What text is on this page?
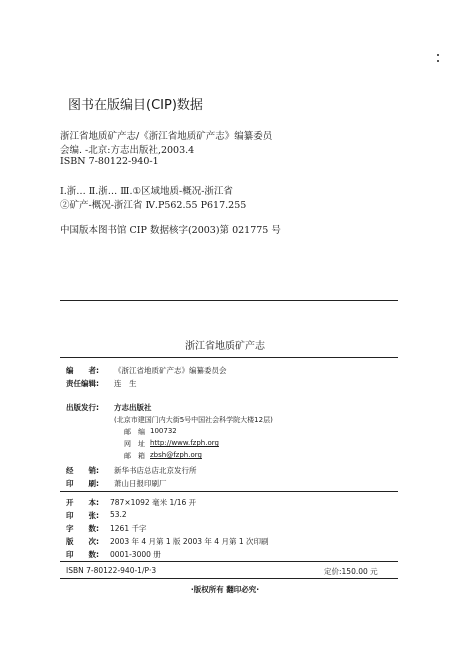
图书在版编目(CIP)数据
浙江省地质矿产志/《浙江省地质矿产志》编纂委员
会编. -北京:方志出版社,2003.4
ISBN 7-80122-940-1
Ⅰ.浙… Ⅱ.浙… Ⅲ.①区域地质-概况-浙江省
②矿产-概况-浙江省 Ⅳ.P562.55 P617.255
中国版本图书馆 CIP 数据核字(2003)第 021775 号
浙江省地质矿产志
编　　者: 《浙江省地质矿产志》编纂委员会
责任编辑: 连　生
出版发行: 方志出版社
(北京市建国门内大街5号中国社会科学院大楼12层)
邮　编 100732
网　址 http://www.fzph.org
邮　箱 zbsh@fzph.org
经　　销: 新华书店总店北京发行所
印　　刷: 萧山日报印刷厂
开　　本: 787×1092 毫米 1/16 开
印　　张: 53.2
字　　数: 1261 千字
版　　次: 2003 年 4 月第 1 版 2003 年 4 月第 1 次印刷
印　　数: 0001-3000 册
ISBN 7-80122-940-1/P·3	定价:150.00 元
·版权所有 翻印必究·
